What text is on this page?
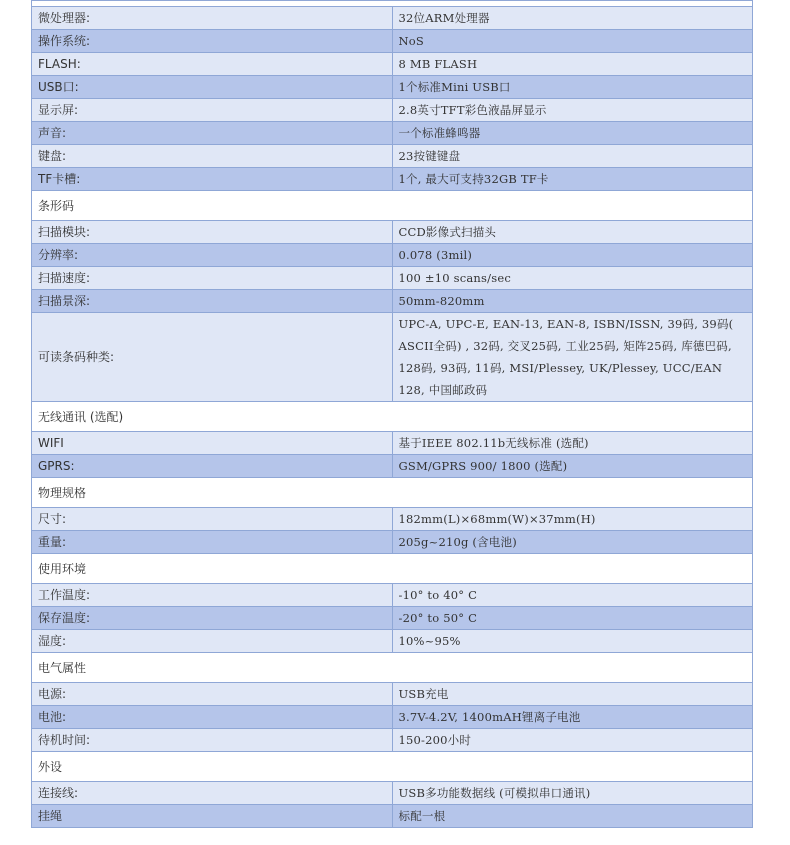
微处理器:	32位ARM处理器
操作系统:	NoS
FLASH:	8 MB FLASH
USB口:	1个标准Mini USB口
显示屏:	2.8英寸TFT彩色液晶屏显示
声音:	一个标准蜂鸣器
键盘:	23按键键盘
TF卡槽:	1个, 最大可支持32GB TF卡
条形码	
扫描模块:	CCD影像式扫描头
分辨率:	0.078 (3mil)
扫描速度:	100 ±10 scans/sec
扫描景深:	50mm-820mm
可读条码种类:	UPC-A, UPC-E, EAN-13, EAN-8, ISBN/ISSN, 39码, 39码( ASCII全码) , 32码, 交叉25码, 工业25码, 矩阵25码, 库德巴码, 128码, 93码, 11码, MSI/Plessey, UK/Plessey, UCC/EAN 128, 中国邮政码
无线通讯 (选配)	
WIFI	基于IEEE 802.11b无线标准 (选配)
GPRS:	GSM/GPRS 900/ 1800 (选配)
物理规格	
尺寸:	182mm(L)×68mm(W)×37mm(H)
重量:	205g~210g (含电池)
使用环境	
工作温度:	-10° to 40° C
保存温度:	-20° to 50° C
湿度:	10%~95%
电气属性	
电源:	USB充电
电池:	3.7V-4.2V, 1400mAH锂离子电池
待机时间:	150-200小时
外设	
连接线:	USB多功能数据线 (可模拟串口通讯)
挂绳	标配一根
